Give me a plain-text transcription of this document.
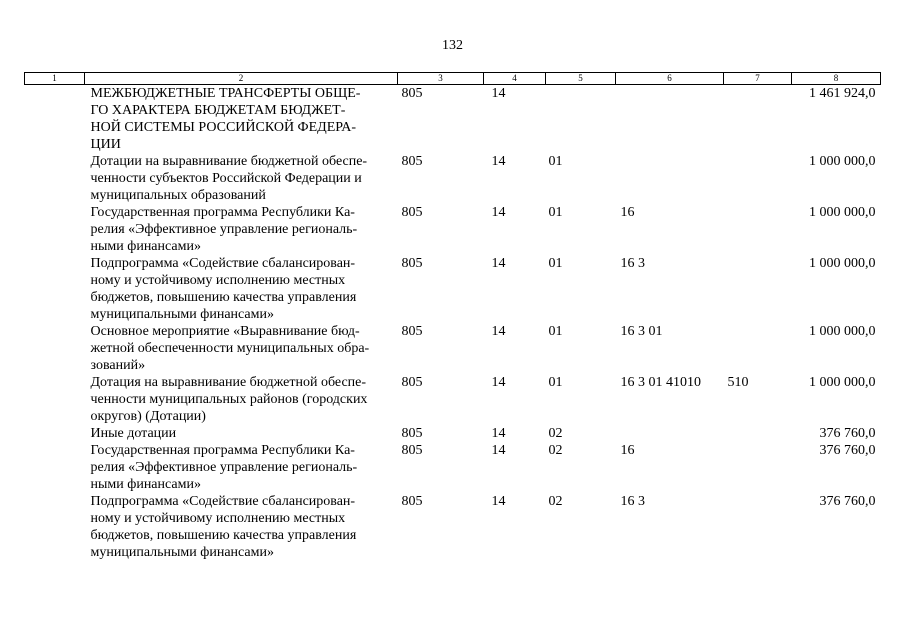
132
1	2	3	4	5	6	7	8

	МЕЖБЮДЖЕТНЫЕ ТРАНСФЕРТЫ ОБЩЕ-
ГО ХАРАКТЕРА БЮДЖЕТАМ БЮДЖЕТ-
НОЙ СИСТЕМЫ РОССИЙСКОЙ ФЕДЕРА-
ЦИИ	805	14				1 461 924,0

	Дотации на выравнивание бюджетной обеспе-
ченности субъектов Российской Федерации и
муниципальных образований	805	14	01			1 000 000,0

	Государственная программа Республики Ка-
релия «Эффективное управление региональ-
ными финансами»	805	14	01	16		1 000 000,0

	Подпрограмма «Содействие сбалансирован-
ному и устойчивому исполнению местных
бюджетов, повышению качества управления
муниципальными финансами»	805	14	01	16 3		1 000 000,0

	Основное мероприятие «Выравнивание бюд-
жетной обеспеченности муниципальных обра-
зований»	805	14	01	16 3 01		1 000 000,0

	Дотация на выравнивание бюджетной обеспе-
ченности муниципальных районов (городских
округов) (Дотации)	805	14	01	16 3 01 41010	510	1 000 000,0

	Иные дотации	805	14	02			376 760,0

	Государственная программа Республики Ка-
релия «Эффективное управление региональ-
ными финансами»	805	14	02	16		376 760,0

	Подпрограмма «Содействие сбалансирован-
ному и устойчивому исполнению местных
бюджетов, повышению качества управления
муниципальными финансами»	805	14	02	16 3		376 760,0
